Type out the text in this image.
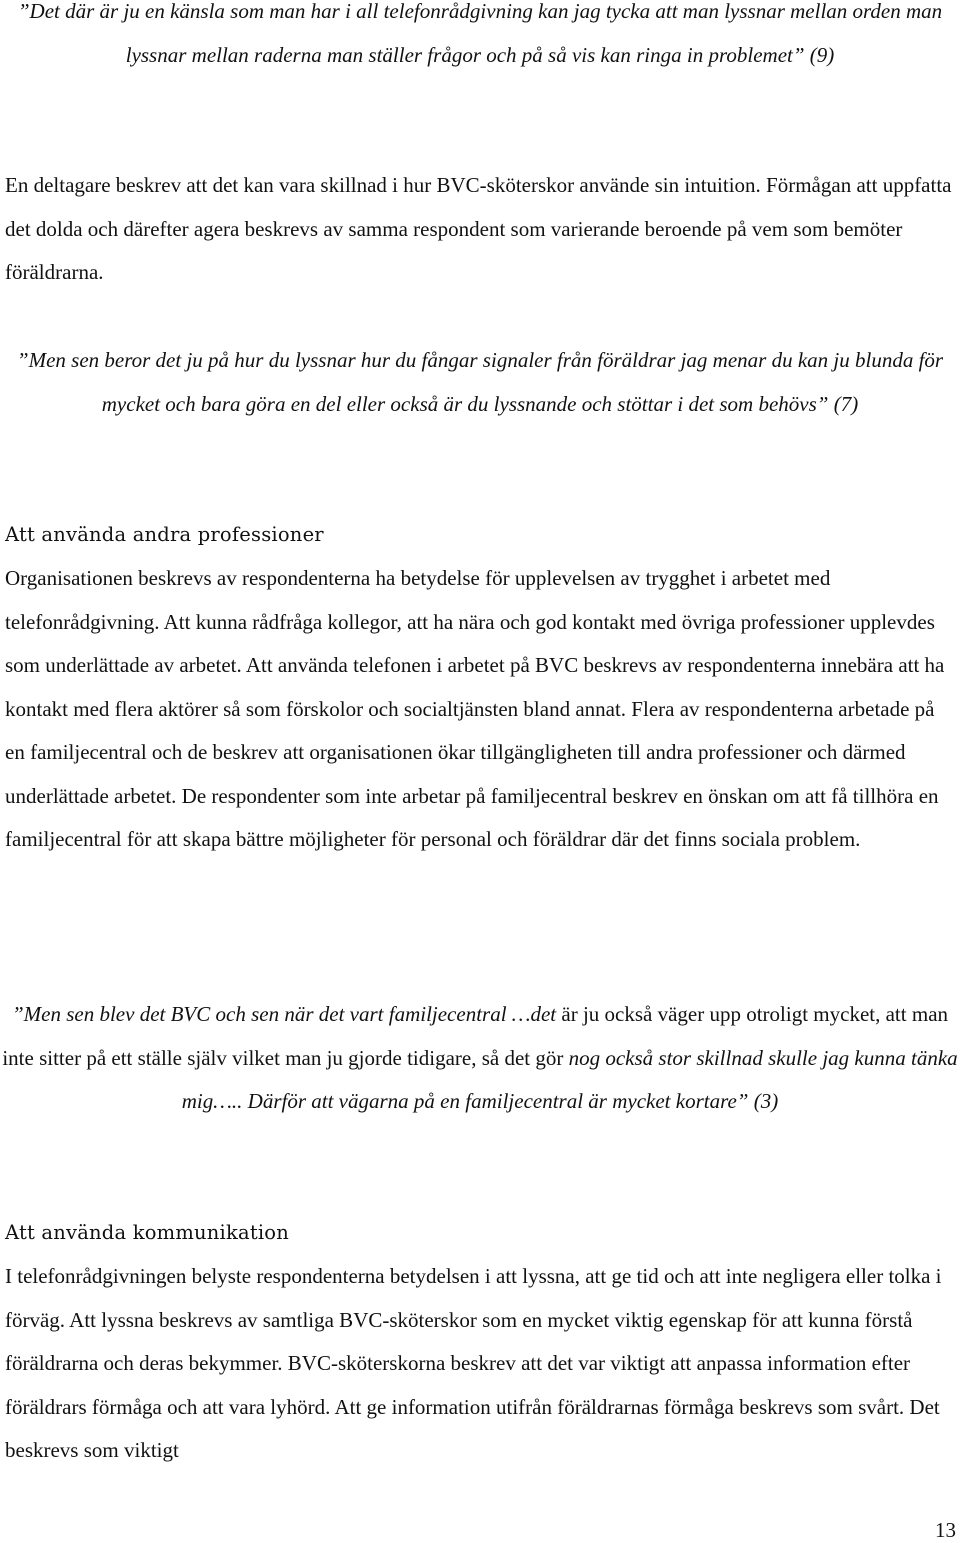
”Det där är ju en känsla som man har i all telefonrådgivning kan jag tycka att man lyssnar mellan orden man lyssnar mellan raderna man ställer frågor och på så vis kan ringa in problemet” (9)

En deltagare beskrev att det kan vara skillnad i hur BVC-sköterskor använde sin intuition. Förmågan att uppfatta det dolda och därefter agera beskrevs av samma respondent som varierande beroende på vem som bemöter föräldrarna.

”Men sen beror det ju på hur du lyssnar hur du fångar signaler från föräldrar jag menar du kan ju blunda för mycket och bara göra en del eller också är du lyssnande och stöttar i det som behövs” (7)

Att använda andra professioner

Organisationen beskrevs av respondenterna ha betydelse för upplevelsen av trygghet i arbetet med telefonrådgivning. Att kunna rådfråga kollegor, att ha nära och god kontakt med övriga professioner upplevdes som underlättade av arbetet. Att använda telefonen i arbetet på BVC beskrevs av respondenterna innebära att ha kontakt med flera aktörer så som förskolor och socialtjänsten bland annat. Flera av respondenterna arbetade på en familjecentral och de beskrev att organisationen ökar tillgängligheten till andra professioner och därmed underlättade arbetet. De respondenter som inte arbetar på familjecentral beskrev en önskan om att få tillhöra en familjecentral för att skapa bättre möjligheter för personal och föräldrar där det finns sociala problem.

”Men sen blev det BVC och sen när det vart familjecentral …det är ju också väger upp otroligt mycket, att man inte sitter på ett ställe själv vilket man ju gjorde tidigare, så det gör nog också stor skillnad skulle jag kunna tänka mig….. Därför att vägarna på en familjecentral är mycket kortare” (3)

Att använda kommunikation

I telefonrådgivningen belyste respondenterna betydelsen i att lyssna, att ge tid och att inte negligera eller tolka i förväg. Att lyssna beskrevs av samtliga BVC-sköterskor som en mycket viktig egenskap för att kunna förstå föräldrarna och deras bekymmer. BVC-sköterskorna beskrev att det var viktigt att anpassa information efter föräldrars förmåga och att vara lyhörd. Att ge information utifrån föräldrarnas förmåga beskrevs som svårt. Det beskrevs som viktigt

13
